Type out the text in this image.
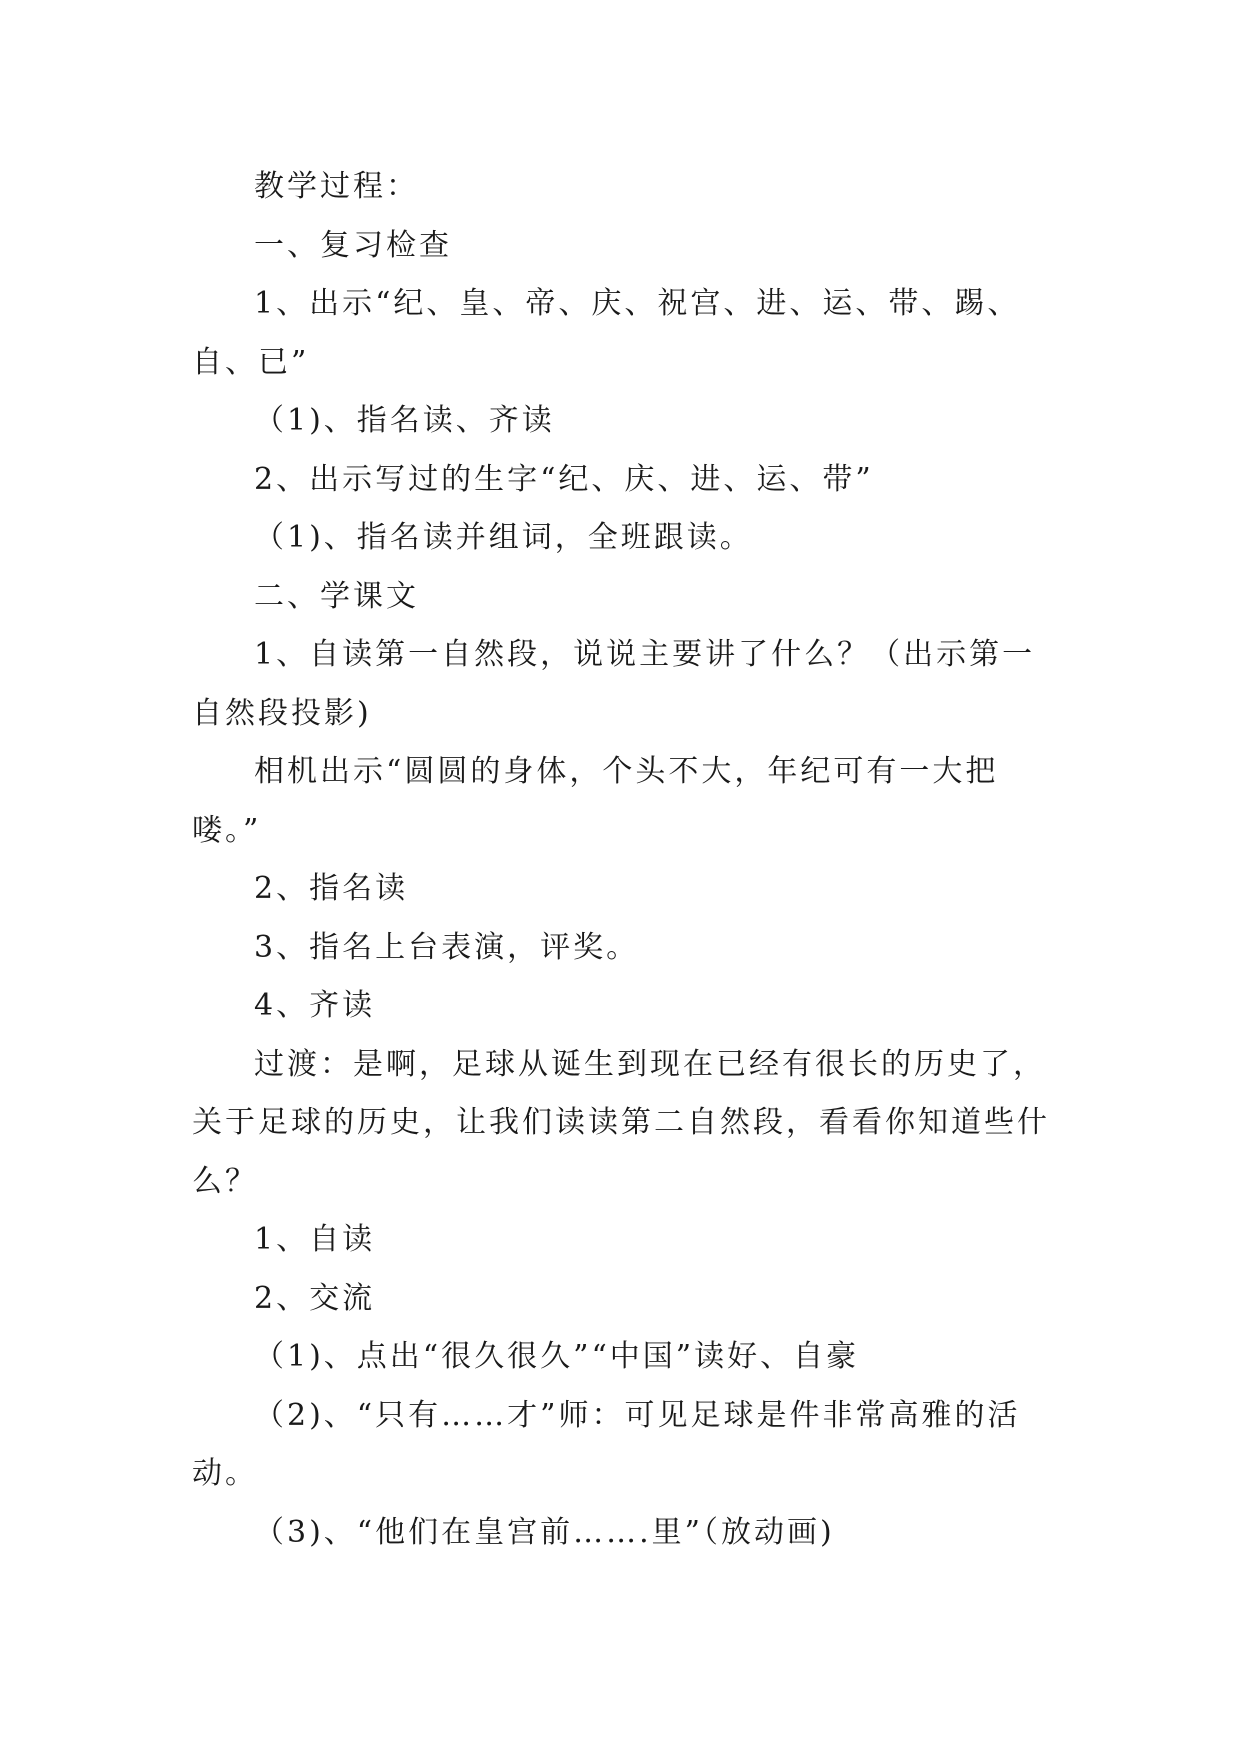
教学过程：
一、复习检查
1、出示“纪、皇、帝、庆、祝宫、进、运、带、踢、
自、已”
（1)、指名读、齐读
2、出示写过的生字“纪、庆、进、运、带”
（1)、指名读并组词，全班跟读。
二、学课文
1、自读第一自然段，说说主要讲了什么？（出示第一
自然段投影)
相机出示“圆圆的身体，个头不大，年纪可有一大把
喽。”
2、指名读
3、指名上台表演，评奖。
4、齐读
过渡：是啊，足球从诞生到现在已经有很长的历史了，
关于足球的历史，让我们读读第二自然段，看看你知道些什
么？
1、自读
2、交流
（1)、点出“很久很久”“中国”读好、自豪
（2)、“只有……才”师：可见足球是件非常高雅的活
动。
（3)、“他们在皇宫前…….里”（放动画)
